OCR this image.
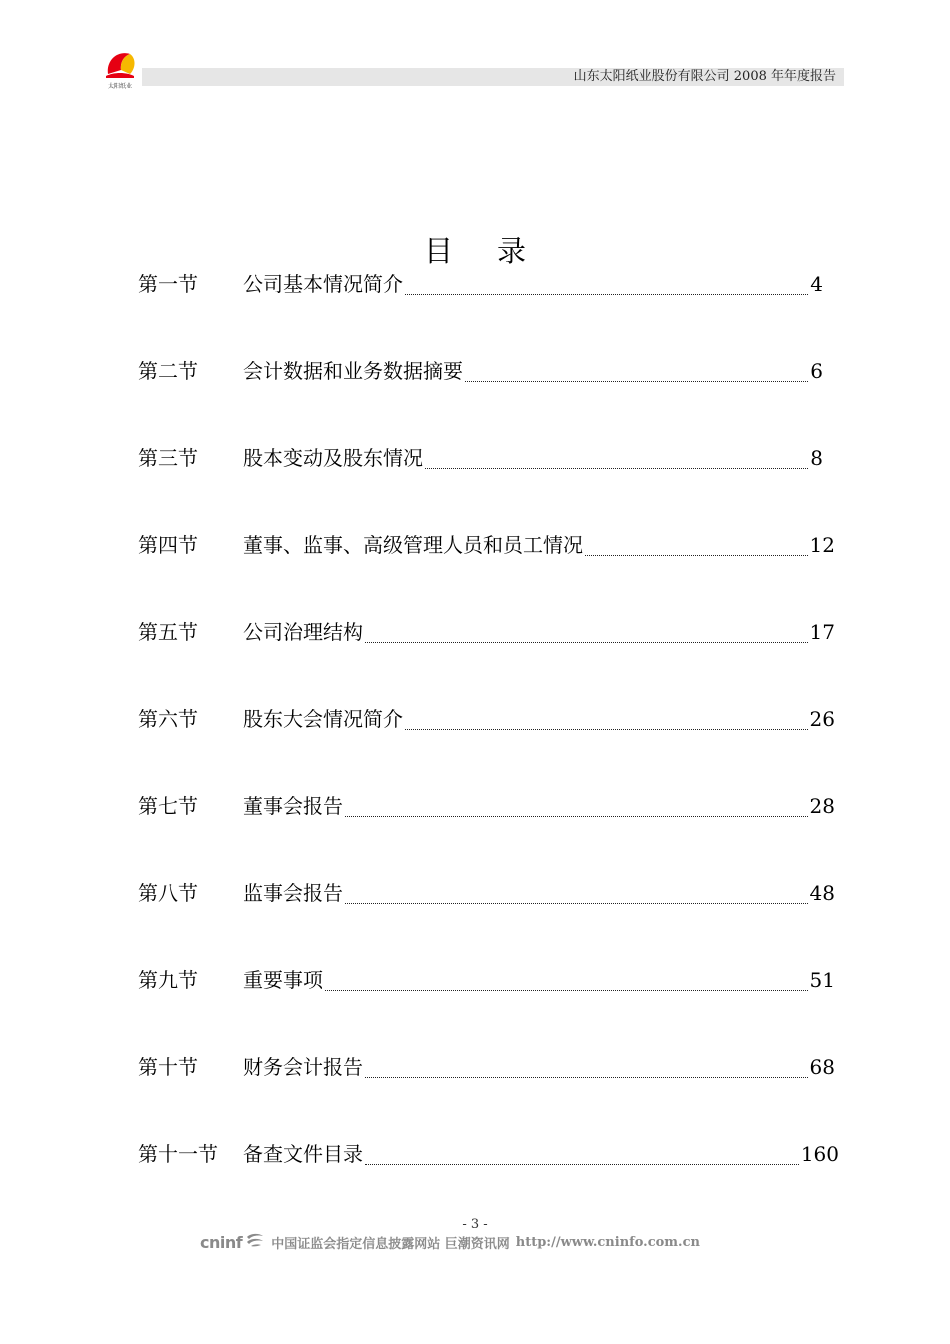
太阳纸业
山东太阳纸业股份有限公司 2008 年年度报告
目录
第一节 公司基本情况简介	4
第二节 会计数据和业务数据摘要	6
第三节 股本变动及股东情况	8
第四节 董事、监事、高级管理人员和员工情况	12
第五节 公司治理结构	17
第六节 股东大会情况简介	26
第七节 董事会报告	28
第八节 监事会报告	48
第九节 重要事项	51
第十节 财务会计报告	68
第十一节 备查文件目录	160
- 3 -
cninf 中国证监会指定信息披露网站 巨潮资讯网 http://www.cninfo.com.cn
